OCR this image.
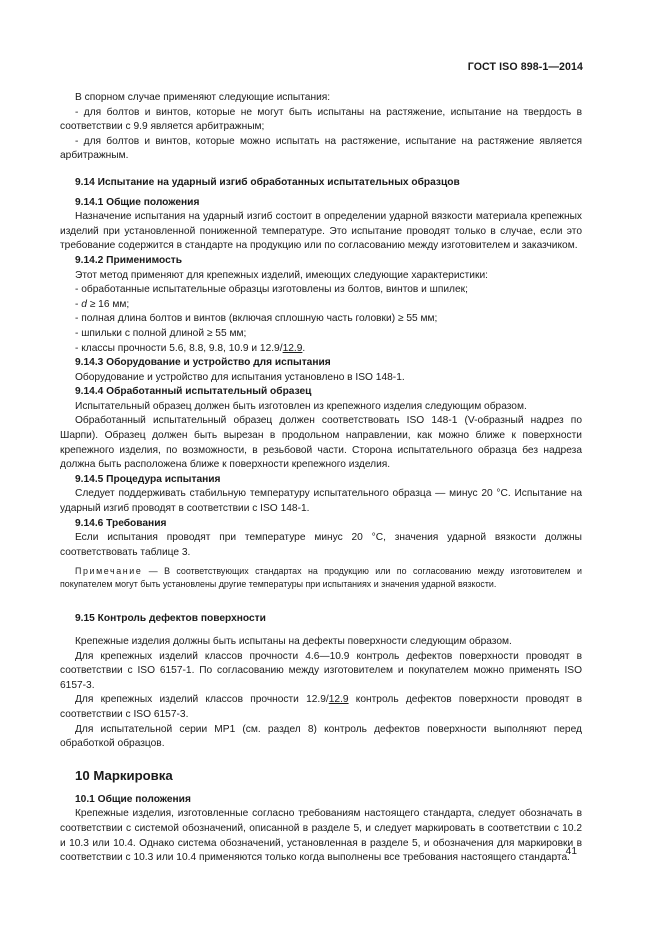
ГОСТ ISO 898-1—2014

В спорном случае применяют следующие испытания:

- для болтов и винтов, которые не могут быть испытаны на растяжение, испытание на твердость в соответствии с 9.9 является арбитражным;

- для болтов и винтов, которые можно испытать на растяжение, испытание на растяжение является арбитражным.

9.14 Испытание на ударный изгиб обработанных испытательных образцов

9.14.1 Общие положения

Назначение испытания на ударный изгиб состоит в определении ударной вязкости материала крепежных изделий при установленной пониженной температуре. Это испытание проводят только в случае, если это требование содержится в стандарте на продукцию или по согласованию между изготовителем и заказчиком.

9.14.2 Применимость

Этот метод применяют для крепежных изделий, имеющих следующие характеристики:

- обработанные испытательные образцы изготовлены из болтов, винтов и шпилек;

- d ≥ 16 мм;

- полная длина болтов и винтов (включая сплошную часть головки) ≥ 55 мм;

- шпильки с полной длиной ≥ 55 мм;

- классы прочности 5.6, 8.8, 9.8, 10.9 и 12.9/12.9.

9.14.3 Оборудование и устройство для испытания

Оборудование и устройство для испытания установлено в ISO 148-1.

9.14.4 Обработанный испытательный образец

Испытательный образец должен быть изготовлен из крепежного изделия следующим образом.

Обработанный испытательный образец должен соответствовать ISO 148-1 (V-образный надрез по Шарпи). Образец должен быть вырезан в продольном направлении, как можно ближе к поверхности крепежного изделия, по возможности, в резьбовой части. Сторона испытательного образца без надреза должна быть расположена ближе к поверхности крепежного изделия.

9.14.5 Процедура испытания

Следует поддерживать стабильную температуру испытательного образца — минус 20 °С. Испытание на ударный изгиб проводят в соответствии с ISO 148-1.

9.14.6 Требования

Если испытания проводят при температуре минус 20 °С, значения ударной вязкости должны соответствовать таблице 3.

Примечание — В соответствующих стандартах на продукцию или по согласованию между изготовителем и покупателем могут быть установлены другие температуры при испытаниях и значения ударной вязкости.

9.15 Контроль дефектов поверхности

Крепежные изделия должны быть испытаны на дефекты поверхности следующим образом.

Для крепежных изделий классов прочности 4.6—10.9 контроль дефектов поверхности проводят в соответствии с ISO 6157-1. По согласованию между изготовителем и покупателем можно применять ISO 6157-3.

Для крепежных изделий классов прочности 12.9/12.9 контроль дефектов поверхности проводят в соответствии с ISO 6157-3.

Для испытательной серии МР1 (см. раздел 8) контроль дефектов поверхности выполняют перед обработкой образцов.

10 Маркировка

10.1 Общие положения

Крепежные изделия, изготовленные согласно требованиям настоящего стандарта, следует обозначать в соответствии с системой обозначений, описанной в разделе 5, и следует маркировать в соответствии с 10.2 и 10.3 или 10.4. Однако система обозначений, установленная в разделе 5, и обозначения для маркировки в соответствии с 10.3 или 10.4 применяются только когда выполнены все требования настоящего стандарта.

41
